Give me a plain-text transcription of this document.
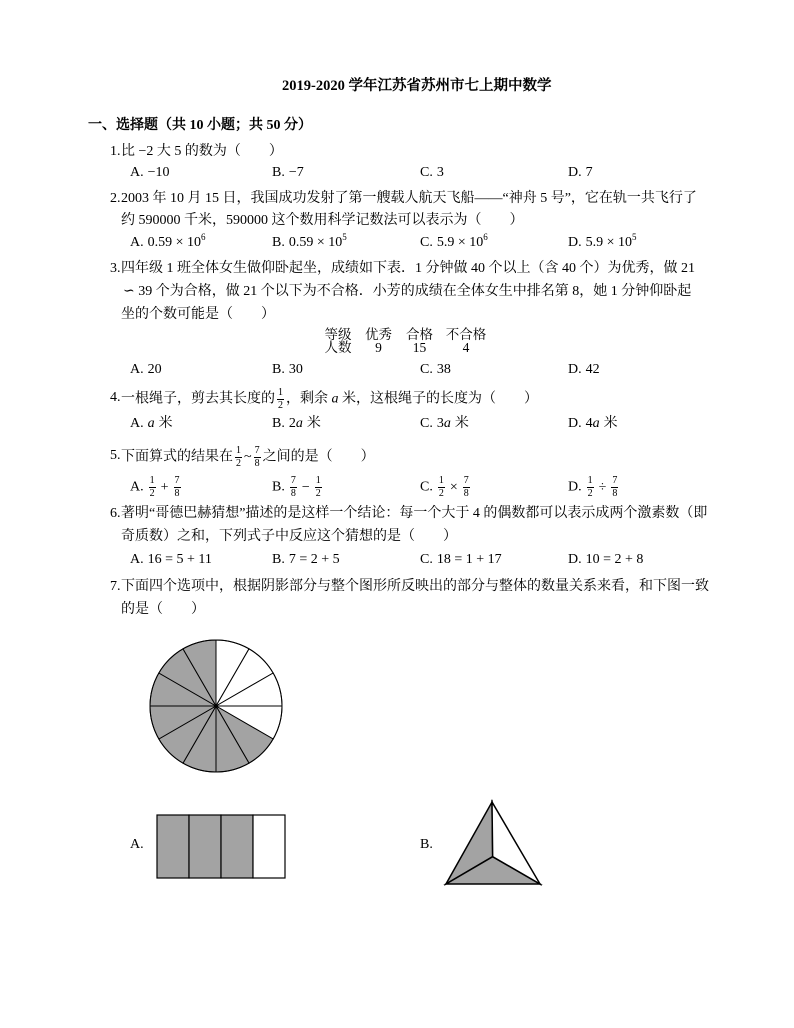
2019-2020 学年江苏省苏州市七上期中数学
一、选择题（共 10 小题；共 50 分）
1. 比 −2 大 5 的数为（　　）
A. −10	B. −7	C. 3	D. 7
2. 2003 年 10 月 15 日，我国成功发射了第一艘载人航天飞船——“神舟 5 号”，它在轨一共飞行了
约 590000 千米，590000 这个数用科学记数法可以表示为（　　）
A. $0.59 \times 10^6$	B. $0.59 \times 10^5$	C. $5.9 \times 10^6$	D. $5.9 \times 10^5$
3. 四年级 1 班全体女生做仰卧起坐，成绩如下表．1 分钟做 40 个以上（含 40 个）为优秀，做 21
∽ 39 个为合格，做 21 个以下为不合格．小芳的成绩在全体女生中排名第 8，她 1 分钟仰卧起
坐的个数可能是（　　）
等级	优秀	合格 不合格
人数	9	15	4
A. 20	B. 30	C. 38	D. 42
4. 一根绳子，剪去其长度的 $\frac{1}{2}$ ，剩余 a 米，这根绳子的长度为（　　）
A. a 米	B. 2a 米	C. 3a 米	D. 4a 米
5. 下面算式的结果在 $\frac{1}{2}$ ~ $\frac{7}{8}$ 之间的是（　　）
A. $\frac{1}{2} + \frac{7}{8}$	B. $\frac{7}{8} - \frac{1}{2}$	C. $\frac{1}{2} \times \frac{7}{8}$	D. $\frac{1}{2} \div \frac{7}{8}$
6. 著明“哥德巴赫猜想”描述的是这样一个结论：每一个大于 4 的偶数都可以表示成两个激素数（即
奇质数）之和，下列式子中反应这个猜想的是（　　）
A. 16 = 5 + 11	B. 7 = 2 + 5	C. 18 = 1 + 17	D. 10 = 2 + 8
7. 下面四个选项中，根据阴影部分与整个图形所反映出的部分与整体的数量关系来看，和下图一致
的是（　　）
A.	B.
